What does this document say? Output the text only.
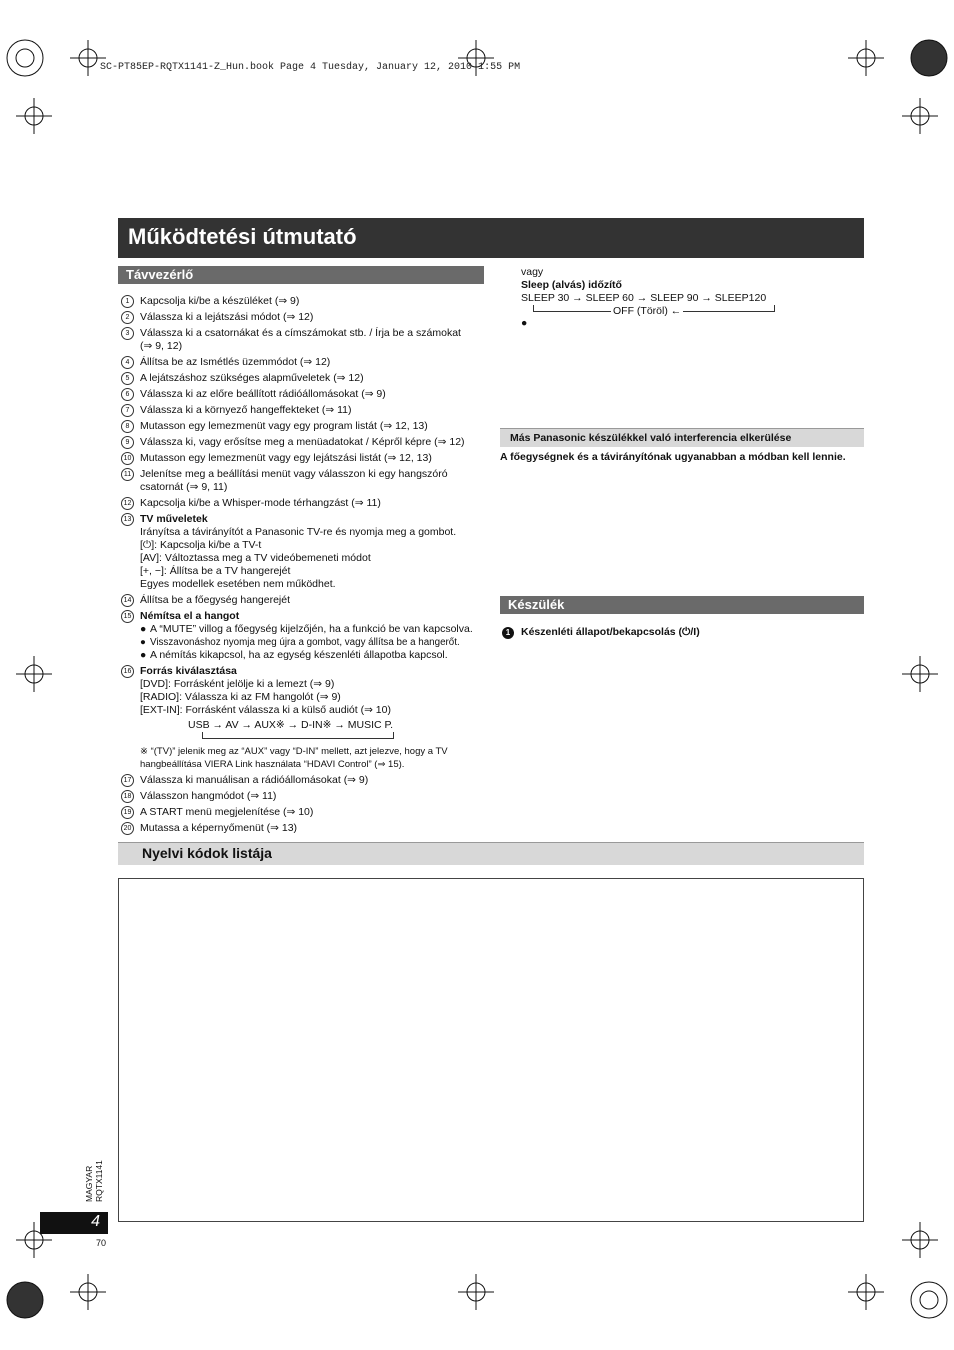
SC-PT85EP-RQTX1141-Z_Hun.book Page 4 Tuesday, January 12, 2010 1:55 PM
Működtetési útmutató
Távvezérlő
1	Kapcsolja ki/be a készüléket (⇒ 9)
2	Válassza ki a lejátszási módot (⇒ 12)
3	Válassza ki a csatornákat és a címszámokat stb. / Írja be a számokat
(⇒ 9, 12)
4	Állítsa be az Ismétlés üzemmódot (⇒ 12)
5	A lejátszáshoz szükséges alapműveletek (⇒ 12)
6	Válassza ki az előre beállított rádióállomásokat (⇒ 9)
7	Válassza ki a környező hangeffekteket (⇒ 11)
8	Mutasson egy lemezmenüt vagy egy program listát (⇒ 12, 13)
9	Válassza ki, vagy erősítse meg a menüadatokat / Képről képre (⇒ 12)
10 Mutasson egy lemezmenüt vagy egy lejátszási listát (⇒ 12, 13)
11 Jelenítse meg a beállítási menüt vagy válasszon ki egy hangszóró
csatornát (⇒ 9, 11)
12 Kapcsolja ki/be a Whisper-mode térhangzást (⇒ 11)
13 TV műveletek
Irányítsa a távirányítót a Panasonic TV-re és nyomja meg a gombot.
[⏻]: Kapcsolja ki/be a TV-t
[AV]: Változtassa meg a TV videóbemeneti módot
[+, −]: Állítsa be a TV hangerejét
Egyes modellek esetében nem működhet.
14 Állítsa be a főegység hangerejét
15 Némítsa el a hangot
● A “MUTE” villog a főegység kijelzőjén, ha a funkció be van kapcsolva.
● Visszavonáshoz nyomja meg újra a gombot, vagy állítsa be a hangerőt.
● A némítás kikapcsol, ha az egység készenléti állapotba kapcsol.
16 Forrás kiválasztása
[DVD]: Forrásként jelölje ki a lemezt (⇒ 9)
[RADIO]: Válassza ki az FM hangolót (⇒ 9)
[EXT-IN]: Forrásként válassza ki a külső audiót (⇒ 10)
USB → AV → AUX※ → D-IN※ → MUSIC P.
※ “(TV)” jelenik meg az “AUX” vagy “D-IN” mellett, azt jelezve, hogy a TV
hangbeállítása VIERA Link használata “HDAVI Control” (⇒ 15).
17 Válassza ki manuálisan a rádióállomásokat (⇒ 9)
18 Válasszon hangmódot (⇒ 11)
19 A START menü megjelenítése (⇒ 10)
20 Mutassa a képernyőmenüt (⇒ 13)
vagy
Sleep (alvás) időzítő
SLEEP 30 → SLEEP 60 → SLEEP 90 → SLEEP120
OFF (Töröl) ←
●
Más Panasonic készülékkel való interferencia elkerülése
A főegységnek és a távirányítónak ugyanabban a módban kell lennie.
Készülék
1	Készenléti állapot/bekapcsolás (⏻/I)
Nyelvi kódok listája
4
MAGYAR RQTX1141
70
